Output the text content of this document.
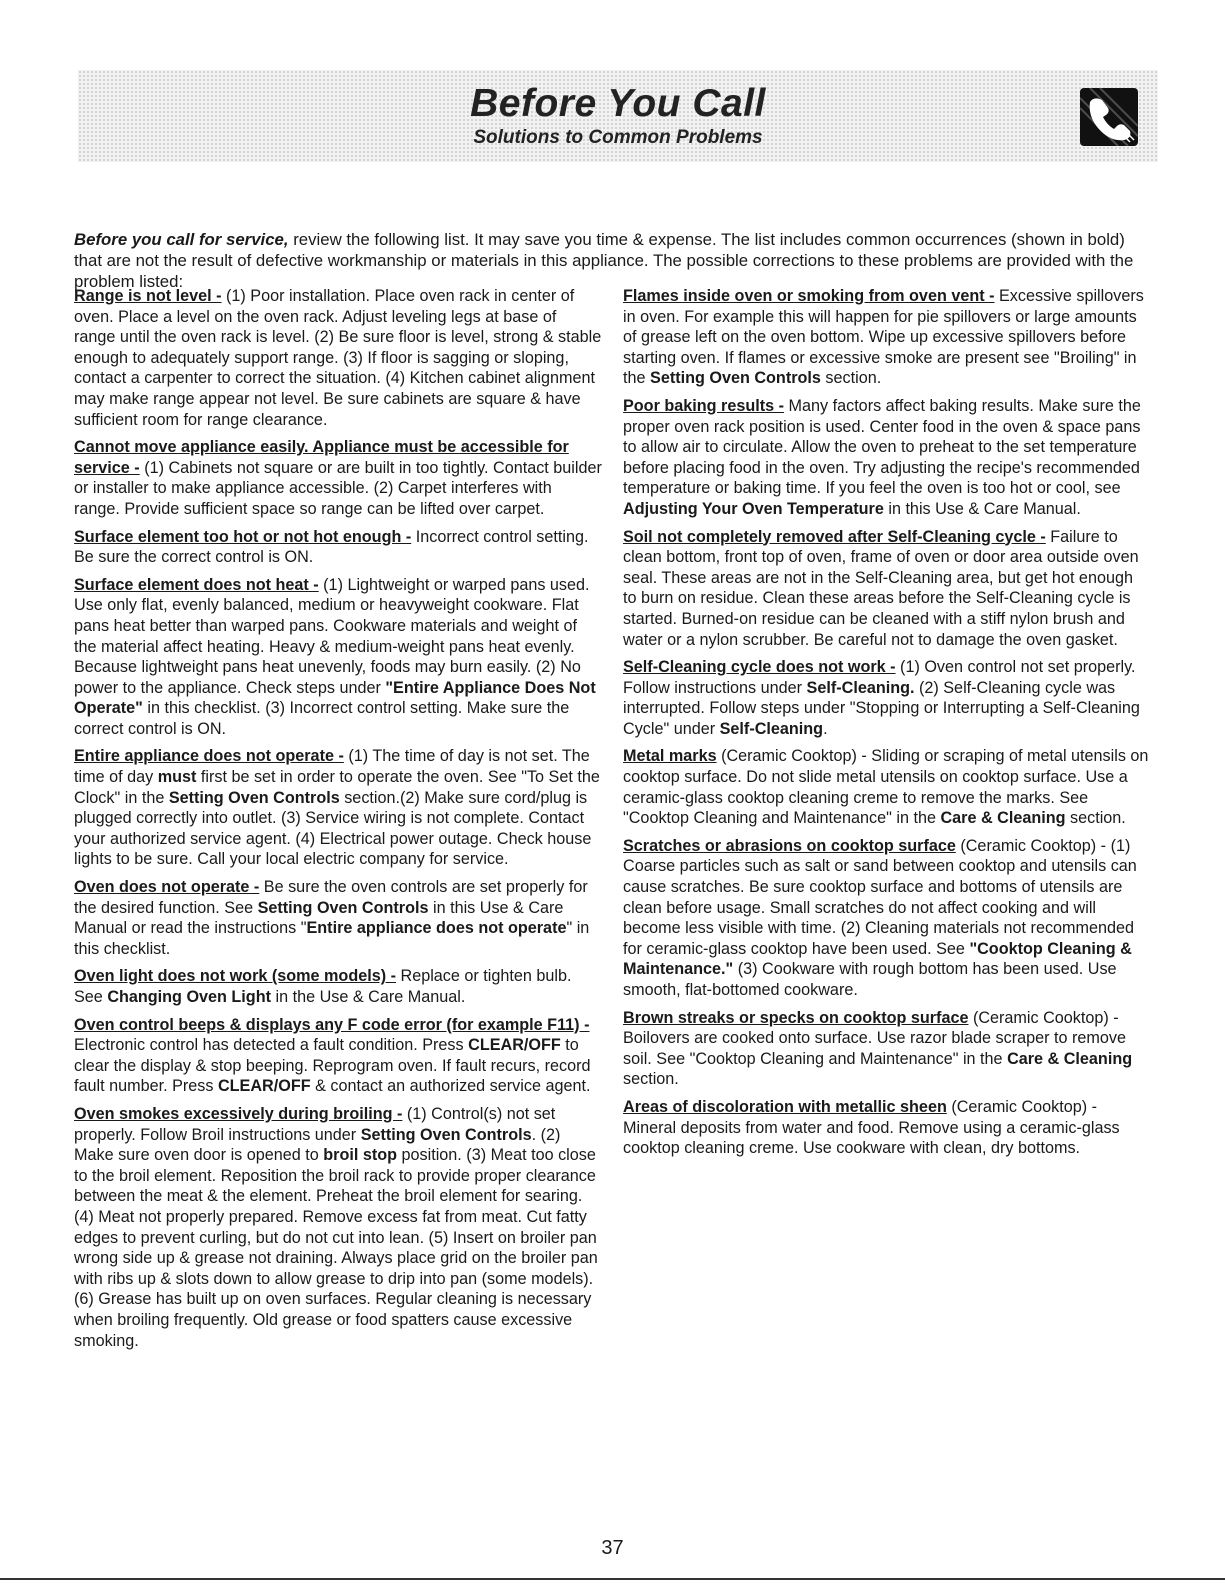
Before You Call
Solutions to Common Problems

Before you call for service, review the following list. It may save you time & expense. The list includes common occurrences (shown in bold) that are not the result of defective workmanship or materials in this appliance. The possible corrections to these problems are provided with the problem listed:

Range is not level - (1) Poor installation. Place oven rack in center of oven. Place a level on the oven rack. Adjust leveling legs at base of range until the oven rack is level. (2) Be sure floor is level, strong & stable enough to adequately support range. (3) If floor is sagging or sloping, contact a carpenter to correct the situation. (4) Kitchen cabinet alignment may make range appear not level. Be sure cabinets are square & have sufficient room for range clearance.

Cannot move appliance easily. Appliance must be accessible for service - (1) Cabinets not square or are built in too tightly. Contact builder or installer to make appliance accessible. (2) Carpet interferes with range. Provide sufficient space so range can be lifted over carpet.

Surface element too hot or not hot enough - Incorrect control setting. Be sure the correct control is ON.

Surface element does not heat - (1) Lightweight or warped pans used. Use only flat, evenly balanced, medium or heavyweight cookware. Flat pans heat better than warped pans. Cookware materials and weight of the material affect heating. Heavy & medium-weight pans heat evenly. Because lightweight pans heat unevenly, foods may burn easily. (2) No power to the appliance. Check steps under "Entire Appliance Does Not Operate" in this checklist. (3) Incorrect control setting. Make sure the correct control is ON.

Entire appliance does not operate - (1) The time of day is not set. The time of day must first be set in order to operate the oven. See "To Set the Clock" in the Setting Oven Controls section.(2) Make sure cord/plug is plugged correctly into outlet. (3) Service wiring is not complete. Contact your authorized service agent. (4) Electrical power outage. Check house lights to be sure. Call your local electric company for service.

Oven does not operate - Be sure the oven controls are set properly for the desired function. See Setting Oven Controls in this Use & Care Manual or read the instructions "Entire appliance does not operate" in this checklist.

Oven light does not work (some models) - Replace or tighten bulb. See Changing Oven Light in the Use & Care Manual.

Oven control beeps & displays any F code error (for example F11) - Electronic control has detected a fault condition. Press CLEAR/OFF to clear the display & stop beeping. Reprogram oven. If fault recurs, record fault number. Press CLEAR/OFF & contact an authorized service agent.

Oven smokes excessively during broiling - (1) Control(s) not set properly. Follow Broil instructions under Setting Oven Controls. (2) Make sure oven door is opened to broil stop position. (3) Meat too close to the broil element. Reposition the broil rack to provide proper clearance between the meat & the element. Preheat the broil element for searing. (4) Meat not properly prepared. Remove excess fat from meat. Cut fatty edges to prevent curling, but do not cut into lean. (5) Insert on broiler pan wrong side up & grease not draining. Always place grid on the broiler pan with ribs up & slots down to allow grease to drip into pan (some models). (6) Grease has built up on oven surfaces. Regular cleaning is necessary when broiling frequently. Old grease or food spatters cause excessive smoking.

Flames inside oven or smoking from oven vent - Excessive spillovers in oven. For example this will happen for pie spillovers or large amounts of grease left on the oven bottom. Wipe up excessive spillovers before starting oven. If flames or excessive smoke are present see "Broiling" in the Setting Oven Controls section.

Poor baking results - Many factors affect baking results. Make sure the proper oven rack position is used. Center food in the oven & space pans to allow air to circulate. Allow the oven to preheat to the set temperature before placing food in the oven. Try adjusting the recipe's recommended temperature or baking time. If you feel the oven is too hot or cool, see Adjusting Your Oven Temperature in this Use & Care Manual.

Soil not completely removed after Self-Cleaning cycle - Failure to clean bottom, front top of oven, frame of oven or door area outside oven seal. These areas are not in the Self-Cleaning area, but get hot enough to burn on residue. Clean these areas before the Self-Cleaning cycle is started. Burned-on residue can be cleaned with a stiff nylon brush and water or a nylon scrubber. Be careful not to damage the oven gasket.

Self-Cleaning cycle does not work - (1) Oven control not set properly. Follow instructions under Self-Cleaning. (2) Self-Cleaning cycle was interrupted. Follow steps under "Stopping or Interrupting a Self-Cleaning Cycle" under Self-Cleaning.

Metal marks (Ceramic Cooktop) - Sliding or scraping of metal utensils on cooktop surface. Do not slide metal utensils on cooktop surface. Use a ceramic-glass cooktop cleaning creme to remove the marks. See "Cooktop Cleaning and Maintenance" in the Care & Cleaning section.

Scratches or abrasions on cooktop surface (Ceramic Cooktop) - (1) Coarse particles such as salt or sand between cooktop and utensils can cause scratches. Be sure cooktop surface and bottoms of utensils are clean before usage. Small scratches do not affect cooking and will become less visible with time. (2) Cleaning materials not recommended for ceramic-glass cooktop have been used. See "Cooktop Cleaning & Maintenance." (3) Cookware with rough bottom has been used. Use smooth, flat-bottomed cookware.

Brown streaks or specks on cooktop surface (Ceramic Cooktop) - Boilovers are cooked onto surface. Use razor blade scraper to remove soil. See "Cooktop Cleaning and Maintenance" in the Care & Cleaning section.

Areas of discoloration with metallic sheen (Ceramic Cooktop) - Mineral deposits from water and food. Remove using a ceramic-glass cooktop cleaning creme. Use cookware with clean, dry bottoms.

37
